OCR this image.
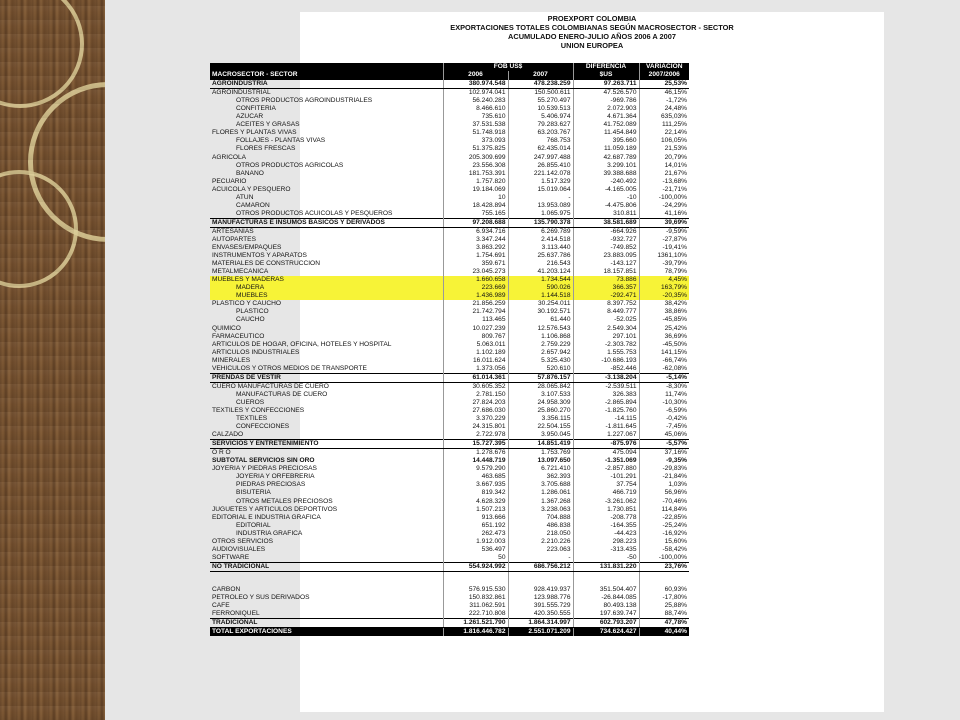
PROEXPORT COLOMBIA
EXPORTACIONES TOTALES COLOMBIANAS SEGÚN MACROSECTOR - SECTOR
ACUMULADO ENERO-JULIO AÑOS 2006 A 2007
UNION EUROPEA
	FOB US$		DIFERENCIA	VARIACION
MACROSECTOR - SECTOR	2006	2007	$US	2007/2006
AGROINDUSTRIA	380.974.548	478.238.259	97.263.711	25,53%
AGROINDUSTRIAL	102.974.041	150.500.611	47.526.570	46,15%
OTROS PRODUCTOS AGROINDUSTRIALES	56.240.283	55.270.497	-969.786	-1,72%
CONFITERIA	8.466.610	10.539.513	2.072.903	24,48%
AZUCAR	735.610	5.406.974	4.671.364	635,03%
ACEITES Y GRASAS	37.531.538	79.283.627	41.752.089	111,25%
FLORES Y PLANTAS VIVAS	51.748.918	63.203.767	11.454.849	22,14%
FOLLAJES - PLANTAS VIVAS	373.093	768.753	395.660	106,05%
FLORES FRESCAS	51.375.825	62.435.014	11.059.189	21,53%
AGRICOLA	205.309.699	247.997.488	42.687.789	20,79%
OTROS PRODUCTOS AGRICOLAS	23.556.308	26.855.410	3.299.101	14,01%
BANANO	181.753.391	221.142.078	39.388.688	21,67%
PECUARIO	1.757.820	1.517.329	-240.492	-13,68%
ACUICOLA Y PESQUERO	19.184.069	15.019.064	-4.165.005	-21,71%
ATUN	10	-	-10	-100,00%
CAMARON	18.428.894	13.953.089	-4.475.806	-24,29%
OTROS PRODUCTOS ACUICOLAS Y PESQUEROS	755.165	1.065.975	310.811	41,16%
MANUFACTURAS E INSUMOS BASICOS Y DERIVADOS	97.208.688	135.790.378	38.581.689	39,69%
ARTESANIAS	6.934.716	6.269.789	-664.926	-9,59%
AUTOPARTES	3.347.244	2.414.518	-932.727	-27,87%
ENVASES/EMPAQUES	3.863.292	3.113.440	-749.852	-19,41%
INSTRUMENTOS Y APARATOS	1.754.691	25.637.786	23.883.095	1361,10%
MATERIALES DE CONSTRUCCION	359.671	216.543	-143.127	-39,79%
METALMECANICA	23.045.273	41.203.124	18.157.851	78,79%
MUEBLES Y MADERAS	1.660.658	1.734.544	73.886	4,45%
MADERA	223.669	590.026	366.357	163,79%
MUEBLES	1.436.989	1.144.518	-292.471	-20,35%
PLASTICO Y CAUCHO	21.856.259	30.254.011	8.397.752	38,42%
PLASTICO	21.742.794	30.192.571	8.449.777	38,86%
CAUCHO	113.465	61.440	-52.025	-45,85%
QUIMICO	10.027.239	12.576.543	2.549.304	25,42%
FARMACEUTICO	809.767	1.106.868	297.101	36,69%
ARTICULOS DE HOGAR, OFICINA, HOTELES Y HOSPITAL	5.063.011	2.759.229	-2.303.782	-45,50%
ARTICULOS INDUSTRIALES	1.102.189	2.657.942	1.555.753	141,15%
MINERALES	16.011.624	5.325.430	-10.686.193	-66,74%
VEHICULOS Y OTROS MEDIOS DE TRANSPORTE	1.373.056	520.610	-852.446	-62,08%
PRENDAS DE VESTIR	61.014.361	57.876.157	-3.138.204	-5,14%
CUERO MANUFACTURAS DE CUERO	30.605.352	28.065.842	-2.539.511	-8,30%
MANUFACTURAS DE CUERO	2.781.150	3.107.533	326.383	11,74%
CUEROS	27.824.203	24.958.309	-2.865.894	-10,30%
TEXTILES Y CONFECCIONES	27.686.030	25.860.270	-1.825.760	-6,59%
TEXTILES	3.370.229	3.356.115	-14.115	-0,42%
CONFECCIONES	24.315.801	22.504.155	-1.811.645	-7,45%
CALZADO	2.722.978	3.950.045	1.227.067	45,06%
SERVICIOS Y ENTRETENIMIENTO	15.727.395	14.851.419	-875.976	-5,57%
O R O	1.278.676	1.753.769	475.094	37,16%
SUBTOTAL SERVICIOS SIN ORO	14.448.719	13.097.650	-1.351.069	-9,35%
JOYERIA Y PIEDRAS PRECIOSAS	9.579.290	6.721.410	-2.857.880	-29,83%
JOYERIA Y ORFEBRERIA	463.685	362.393	-101.291	-21,84%
PIEDRAS PRECIOSAS	3.667.935	3.705.688	37.754	1,03%
BISUTERIA	819.342	1.286.061	466.719	56,96%
OTROS METALES PRECIOSOS	4.628.329	1.367.268	-3.261.062	-70,46%
JUGUETES Y ARTICULOS DEPORTIVOS	1.507.213	3.238.063	1.730.851	114,84%
EDITORIAL E INDUSTRIA GRAFICA	913.666	704.888	-208.778	-22,85%
EDITORIAL	651.192	486.838	-164.355	-25,24%
INDUSTRIA GRAFICA	262.473	218.050	-44.423	-16,92%
OTROS SERVICIOS	1.912.003	2.210.226	298.223	15,60%
AUDIOVISUALES	536.497	223.063	-313.435	-58,42%
SOFTWARE	50	-	-50	-100,00%
NO TRADICIONAL	554.924.992	686.756.212	131.831.220	23,76%

CARBON	576.915.530	928.419.937	351.504.407	60,93%
PETROLEO Y SUS DERIVADOS	150.832.861	123.988.776	-26.844.085	-17,80%
CAFE	311.062.591	391.555.729	80.493.138	25,88%
FERRONIQUEL	222.710.808	420.350.555	197.639.747	88,74%
TRADICIONAL	1.261.521.790	1.864.314.997	602.793.207	47,78%
TOTAL EXPORTACIONES	1.816.446.782	2.551.071.209	734.624.427	40,44%
